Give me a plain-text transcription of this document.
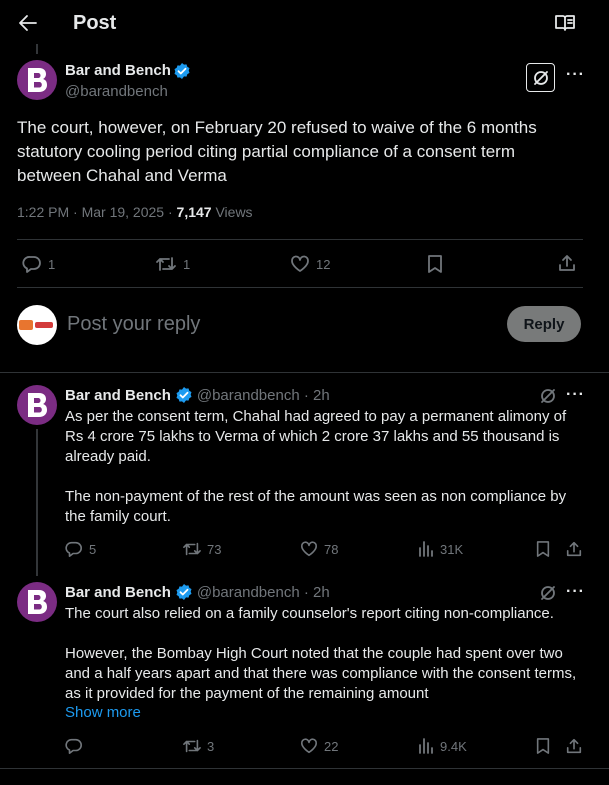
Post
Bar and Bench
@barandbench
···
The court, however, on February 20 refused to waive of the 6 months statutory cooling period citing partial compliance of a consent term between Chahal and Verma
1:22 PM · Mar 19, 2025 · 7,147 Views
1	1	12
Post your reply	Reply
Bar and Bench @barandbench · 2h	···
As per the consent term, Chahal had agreed to pay a permanent alimony of Rs 4 crore 75 lakhs to Verma of which 2 crore 37 lakhs and 55 thousand is already paid.
The non-payment of the rest of the amount was seen as non compliance by the family court.
5	73	78	31K
Bar and Bench @barandbench · 2h	···
The court also relied on a family counselor's report citing non-compliance.
However, the Bombay High Court noted that the couple had spent over two and a half years apart and that there was compliance with the consent terms, as it provided for the payment of the remaining amount
Show more
3	22	9.4K
